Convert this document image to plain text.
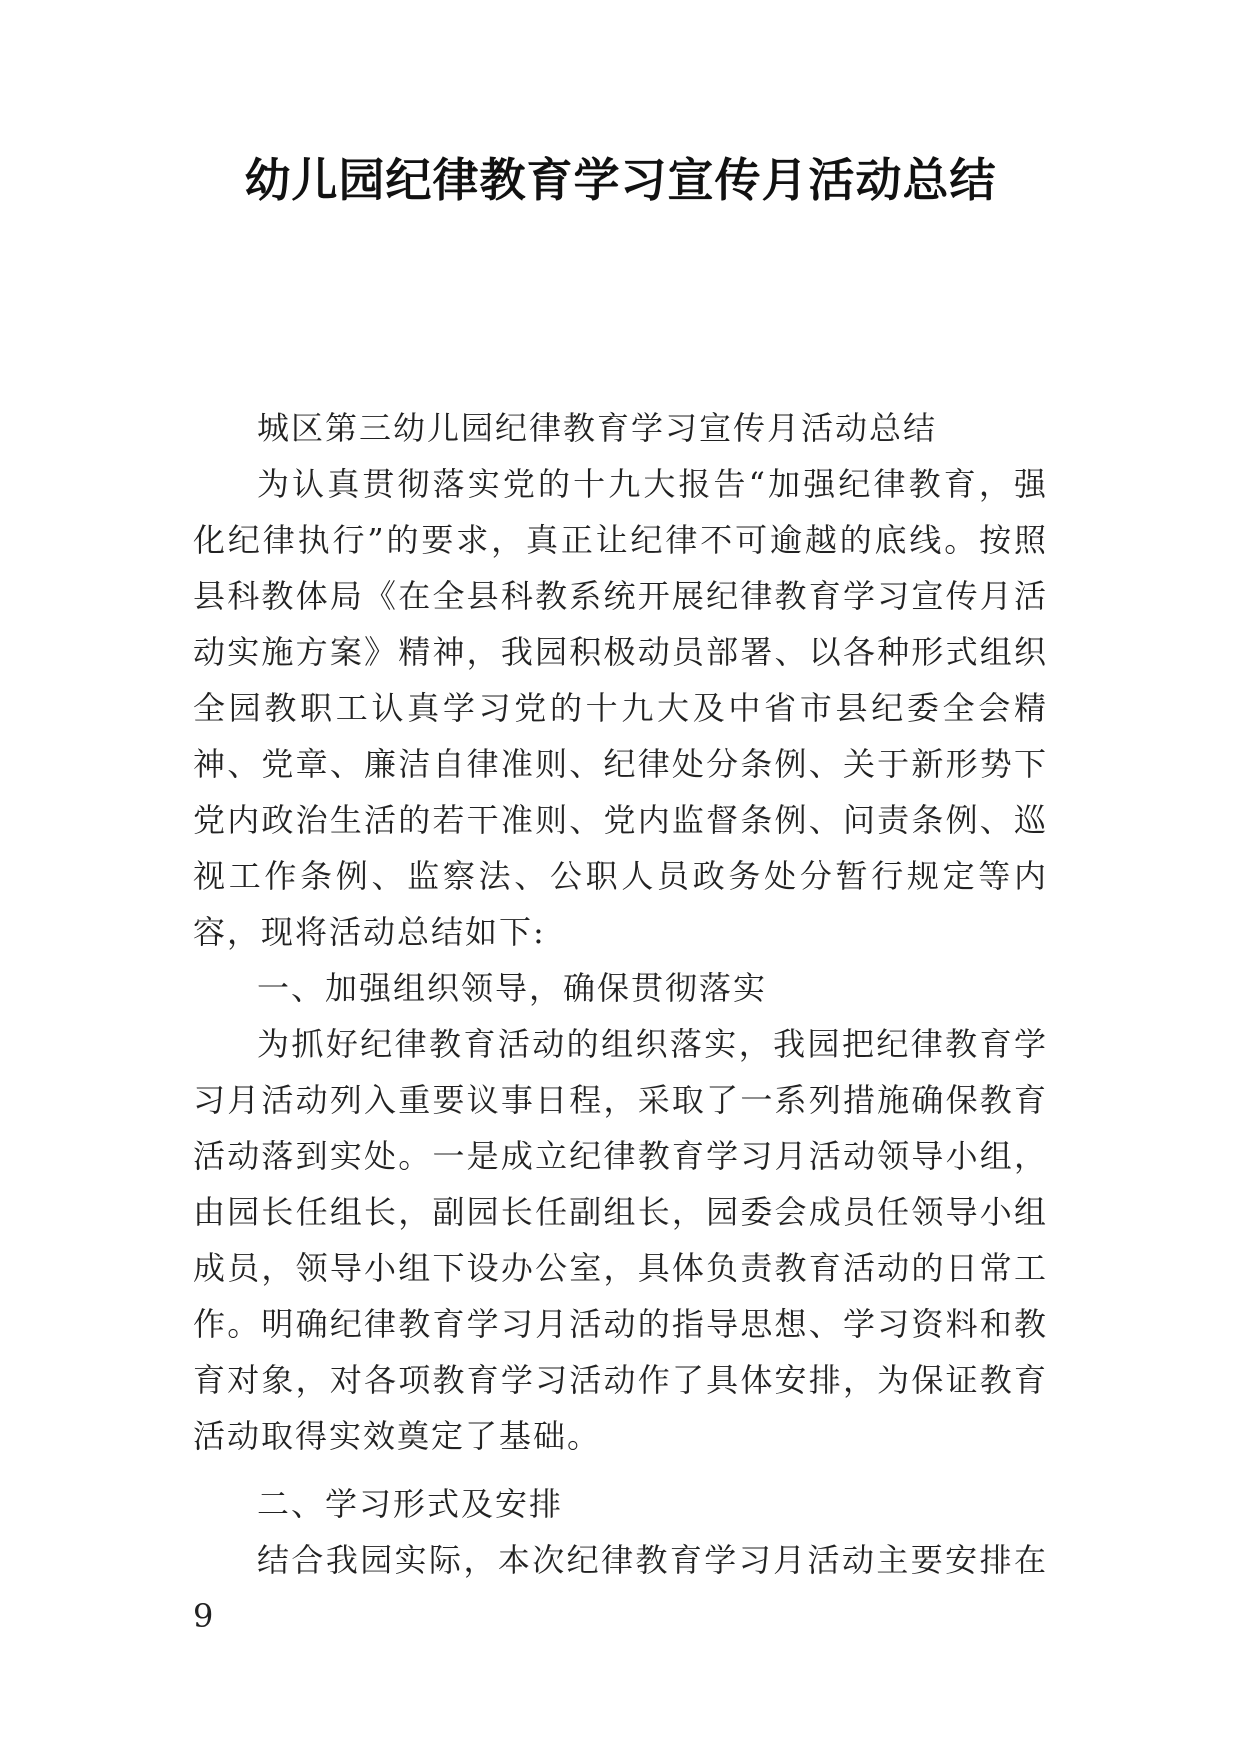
幼儿园纪律教育学习宣传月活动总结

城区第三幼儿园纪律教育学习宣传月活动总结

为认真贯彻落实党的十九大报告“加强纪律教育，强化纪律执行”的要求，真正让纪律不可逾越的底线。按照县科教体局《在全县科教系统开展纪律教育学习宣传月活动实施方案》精神，我园积极动员部署、以各种形式组织全园教职工认真学习党的十九大及中省市县纪委全会精神、党章、廉洁自律准则、纪律处分条例、关于新形势下党内政治生活的若干准则、党内监督条例、问责条例、巡视工作条例、监察法、公职人员政务处分暂行规定等内容，现将活动总结如下:

一、加强组织领导，确保贯彻落实

为抓好纪律教育活动的组织落实，我园把纪律教育学习月活动列入重要议事日程，采取了一系列措施确保教育活动落到实处。一是成立纪律教育学习月活动领导小组，由园长任组长，副园长任副组长，园委会成员任领导小组成员，领导小组下设办公室，具体负责教育活动的日常工作。明确纪律教育学习月活动的指导思想、学习资料和教育对象，对各项教育学习活动作了具体安排，为保证教育活动取得实效奠定了基础。

二、学习形式及安排

结合我园实际，本次纪律教育学习月活动主要安排在9
